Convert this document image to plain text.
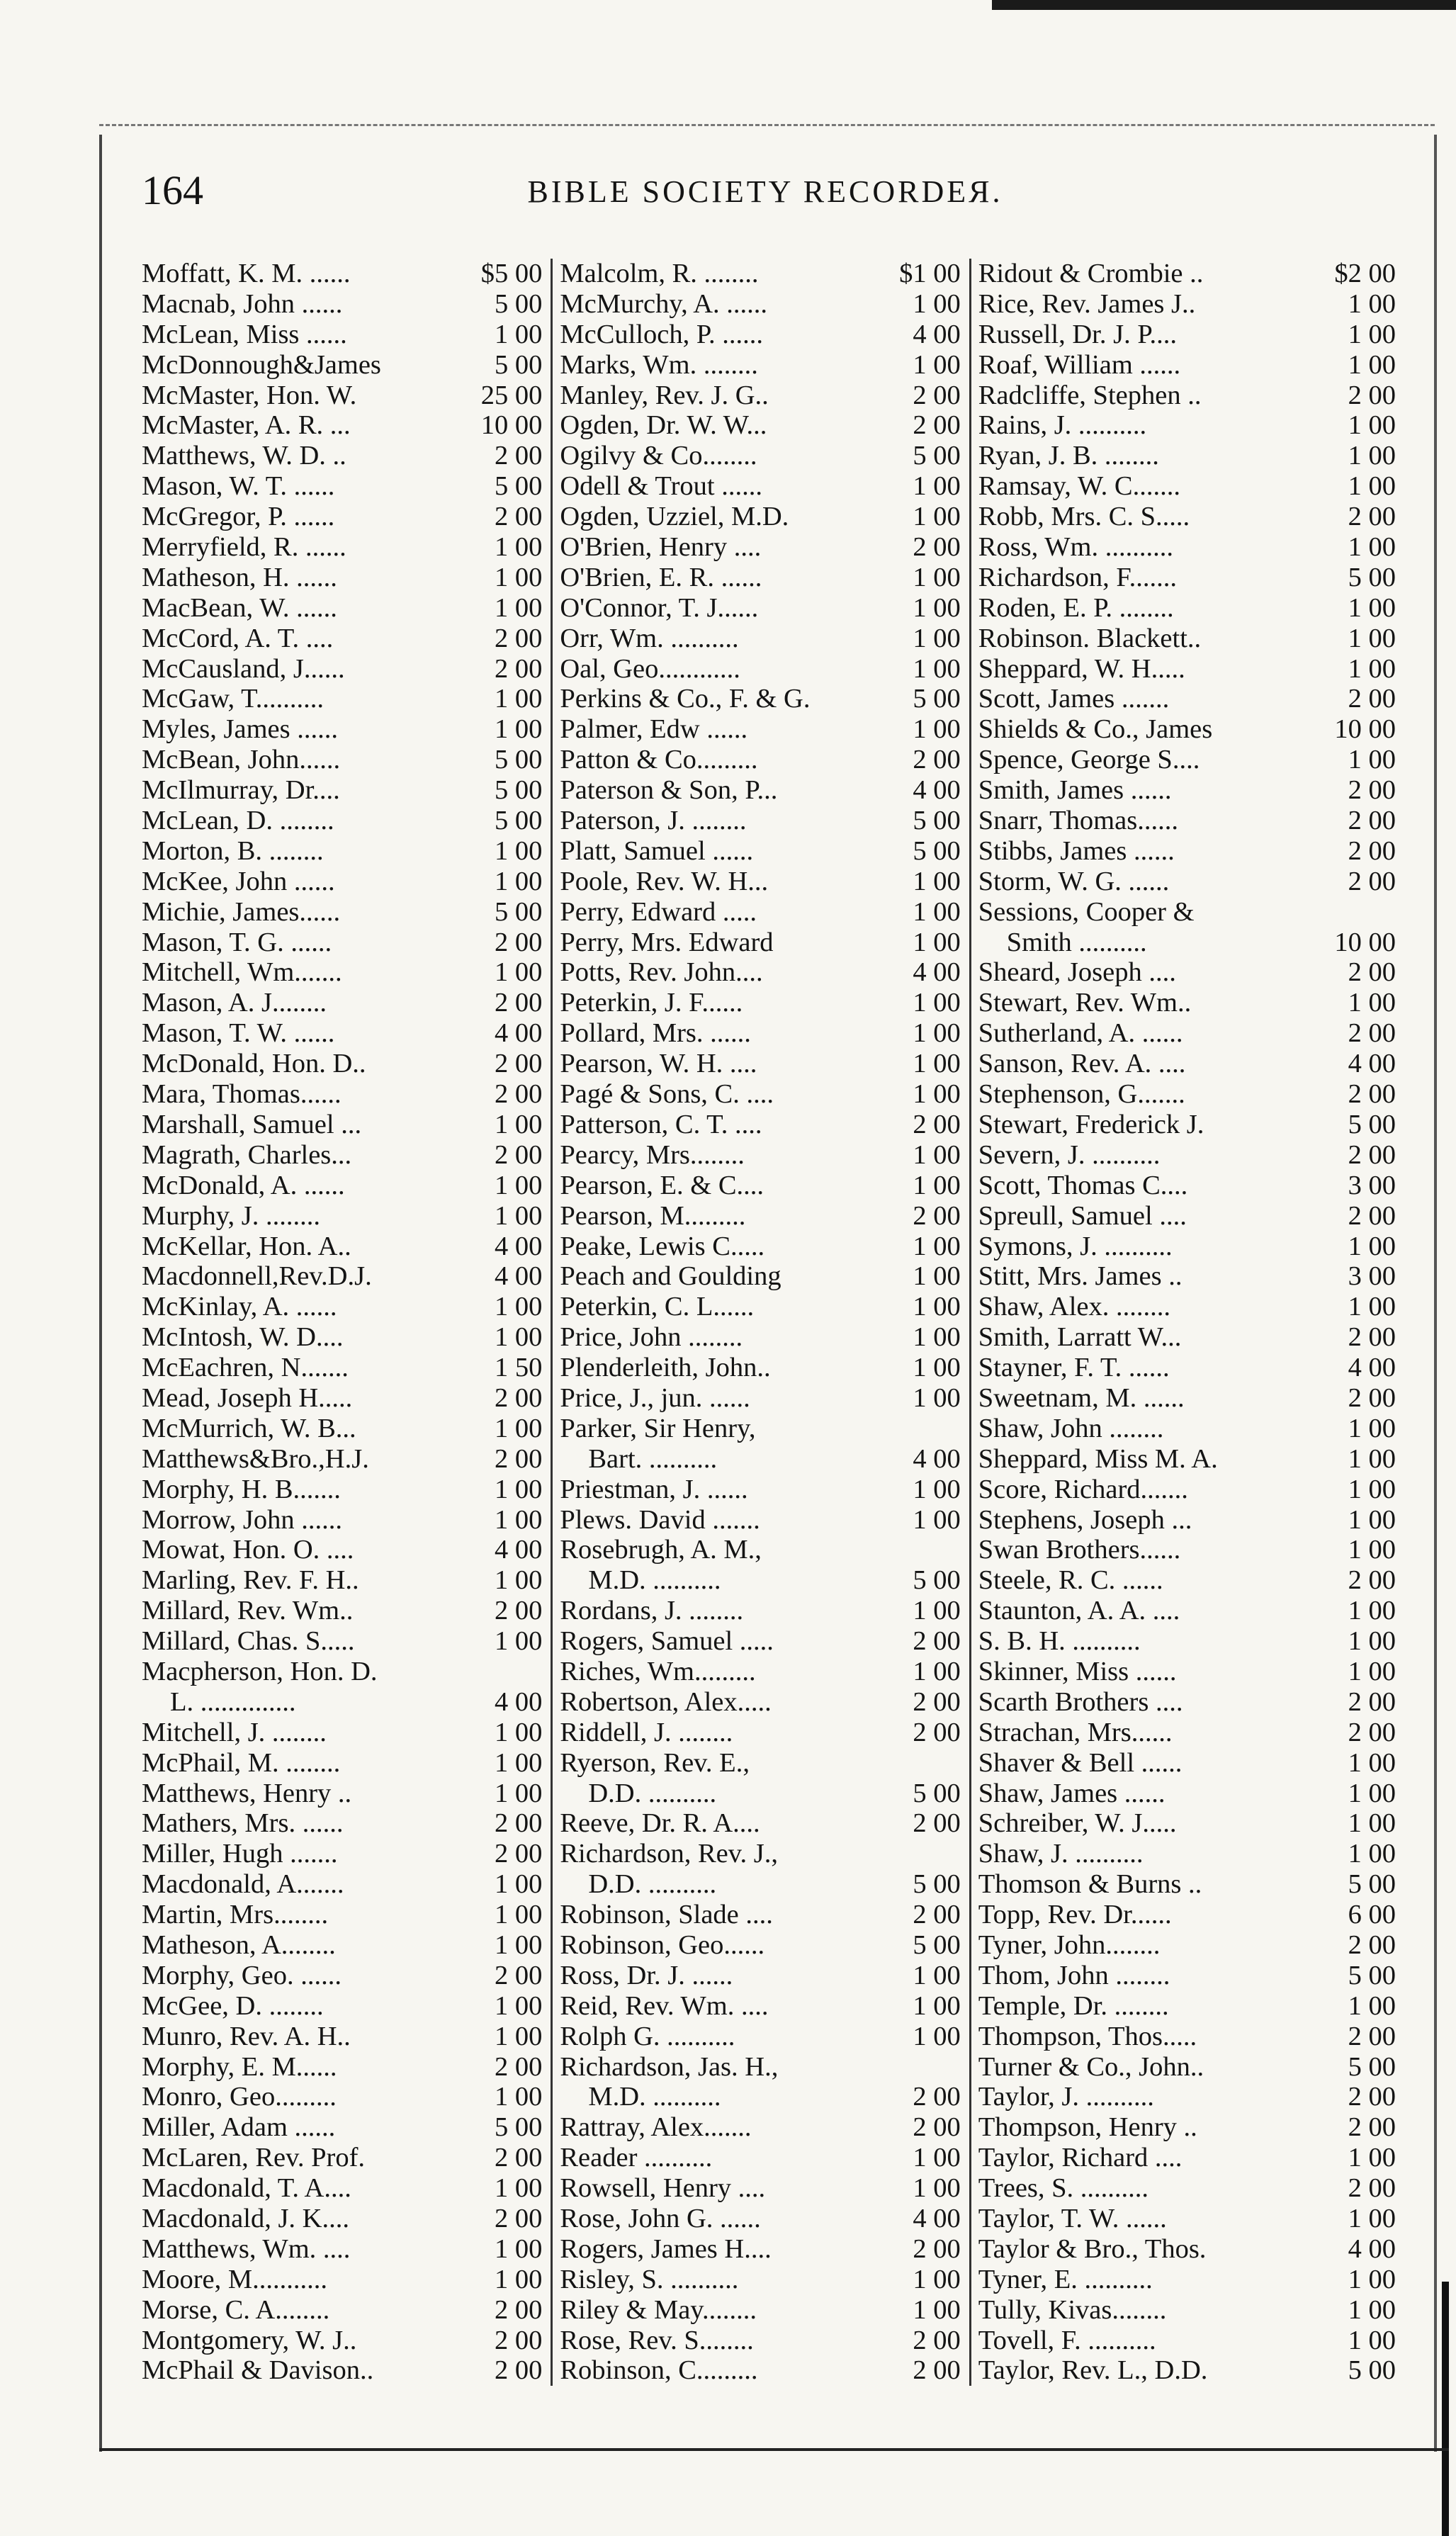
164	BIBLE SOCIETY RECORDEЯ.
Moffatt, K. M. ......	$5 00
Macnab, John ......	5 00
McLean, Miss ......	1 00
McDonnough&James	5 00
McMaster, Hon. W.	25 00
McMaster, A. R. ...	10 00
Matthews, W. D. ..	2 00
Mason, W. T. ......	5 00
McGregor, P. ......	2 00
Merryfield, R. ......	1 00
Matheson, H. ......	1 00
MacBean, W. ......	1 00
McCord, A. T. ....	2 00
McCausland, J......	2 00
McGaw, T..........	1 00
Myles, James ......	1 00
McBean, John......	5 00
McIlmurray, Dr....	5 00
McLean, D. ........	5 00
Morton, B. ........	1 00
McKee, John ......	1 00
Michie, James......	5 00
Mason, T. G. ......	2 00
Mitchell, Wm.......	1 00
Mason, A. J........	2 00
Mason, T. W. ......	4 00
McDonald, Hon. D..	2 00
Mara, Thomas......	2 00
Marshall, Samuel ...	1 00
Magrath, Charles...	2 00
McDonald, A. ......	1 00
Murphy, J. ........	1 00
McKellar, Hon. A..	4 00
Macdonnell,Rev.D.J.	4 00
McKinlay, A. ......	1 00
McIntosh, W. D....	1 00
McEachren, N.......	1 50
Mead, Joseph H.....	2 00
McMurrich, W. B...	1 00
Matthews&Bro.,H.J.	2 00
Morphy, H. B.......	1 00
Morrow, John ......	1 00
Mowat, Hon. O. ....	4 00
Marling, Rev. F. H..	1 00
Millard, Rev. Wm..	2 00
Millard, Chas. S.....	1 00
Macpherson, Hon. D.
L. ..............	4 00
Mitchell, J. ........	1 00
McPhail, M. ........	1 00
Matthews, Henry ..	1 00
Mathers, Mrs. ......	2 00
Miller, Hugh .......	2 00
Macdonald, A.......	1 00
Martin, Mrs........	1 00
Matheson, A........	1 00
Morphy, Geo. ......	2 00
McGee, D. ........	1 00
Munro, Rev. A. H..	1 00
Morphy, E. M......	2 00
Monro, Geo.........	1 00
Miller, Adam ......	5 00
McLaren, Rev. Prof.	2 00
Macdonald, T. A....	1 00
Macdonald, J. K....	2 00
Matthews, Wm. ....	1 00
Moore, M...........	1 00
Morse, C. A........	2 00
Montgomery, W. J..	2 00
McPhail & Davison..	2 00
Malcolm, R. ........	$1 00
McMurchy, A. ......	1 00
McCulloch, P. ......	4 00
Marks, Wm. ........	1 00
Manley, Rev. J. G..	2 00
Ogden, Dr. W. W...	2 00
Ogilvy & Co........	5 00
Odell & Trout ......	1 00
Ogden, Uzziel, M.D.	1 00
O'Brien, Henry ....	2 00
O'Brien, E. R. ......	1 00
O'Connor, T. J......	1 00
Orr, Wm. ..........	1 00
Oal, Geo............	1 00
Perkins & Co., F. & G.	5 00
Palmer, Edw ......	1 00
Patton & Co.........	2 00
Paterson & Son, P...	4 00
Paterson, J. ........	5 00
Platt, Samuel ......	5 00
Poole, Rev. W. H...	1 00
Perry, Edward .....	1 00
Perry, Mrs. Edward	1 00
Potts, Rev. John....	4 00
Peterkin, J. F......	1 00
Pollard, Mrs. ......	1 00
Pearson, W. H. ....	1 00
Pagé & Sons, C. ....	1 00
Patterson, C. T. ....	2 00
Pearcy, Mrs........	1 00
Pearson, E. & C....	1 00
Pearson, M.........	2 00
Peake, Lewis C.....	1 00
Peach and Goulding	1 00
Peterkin, C. L......	1 00
Price, John ........	1 00
Plenderleith, John..	1 00
Price, J., jun. ......	1 00
Parker, Sir Henry,
Bart. ..........	4 00
Priestman, J. ......	1 00
Plews. David .......	1 00
Rosebrugh, A. M.,
M.D. ..........	5 00
Rordans, J. ........	1 00
Rogers, Samuel .....	2 00
Riches, Wm.........	1 00
Robertson, Alex.....	2 00
Riddell, J. ........	2 00
Ryerson, Rev. E.,
D.D. ..........	5 00
Reeve, Dr. R. A....	2 00
Richardson, Rev. J.,
D.D. ..........	5 00
Robinson, Slade ....	2 00
Robinson, Geo......	5 00
Ross, Dr. J. ......	1 00
Reid, Rev. Wm. ....	1 00
Rolph G. ..........	1 00
Richardson, Jas. H.,
M.D. ..........	2 00
Rattray, Alex.......	2 00
Reader ..........	1 00
Rowsell, Henry ....	1 00
Rose, John G. ......	4 00
Rogers, James H....	2 00
Risley, S. ..........	1 00
Riley & May........	1 00
Rose, Rev. S........	2 00
Robinson, C.........	2 00
Ridout & Crombie ..	$2 00
Rice, Rev. James J..	1 00
Russell, Dr. J. P....	1 00
Roaf, William ......	1 00
Radcliffe, Stephen ..	2 00
Rains, J. ..........	1 00
Ryan, J. B. ........	1 00
Ramsay, W. C.......	1 00
Robb, Mrs. C. S.....	2 00
Ross, Wm. ..........	1 00
Richardson, F.......	5 00
Roden, E. P. ........	1 00
Robinson. Blackett..	1 00
Sheppard, W. H.....	1 00
Scott, James .......	2 00
Shields & Co., James	10 00
Spence, George S....	1 00
Smith, James ......	2 00
Snarr, Thomas......	2 00
Stibbs, James ......	2 00
Storm, W. G. ......	2 00
Sessions, Cooper &
Smith ..........	10 00
Sheard, Joseph ....	2 00
Stewart, Rev. Wm..	1 00
Sutherland, A. ......	2 00
Sanson, Rev. A. ....	4 00
Stephenson, G.......	2 00
Stewart, Frederick J.	5 00
Severn, J. ..........	2 00
Scott, Thomas C....	3 00
Spreull, Samuel ....	2 00
Symons, J. ..........	1 00
Stitt, Mrs. James ..	3 00
Shaw, Alex. ........	1 00
Smith, Larratt W...	2 00
Stayner, F. T. ......	4 00
Sweetnam, M. ......	2 00
Shaw, John ........	1 00
Sheppard, Miss M. A.	1 00
Score, Richard.......	1 00
Stephens, Joseph ...	1 00
Swan Brothers......	1 00
Steele, R. C. ......	2 00
Staunton, A. A. ....	1 00
S. B. H. ..........	1 00
Skinner, Miss ......	1 00
Scarth Brothers ....	2 00
Strachan, Mrs......	2 00
Shaver & Bell ......	1 00
Shaw, James ......	1 00
Schreiber, W. J.....	1 00
Shaw, J. ..........	1 00
Thomson & Burns ..	5 00
Topp, Rev. Dr......	6 00
Tyner, John........	2 00
Thom, John ........	5 00
Temple, Dr. ........	1 00
Thompson, Thos.....	2 00
Turner & Co., John..	5 00
Taylor, J. ..........	2 00
Thompson, Henry ..	2 00
Taylor, Richard ....	1 00
Trees, S. ..........	2 00
Taylor, T. W. ......	1 00
Taylor & Bro., Thos.	4 00
Tyner, E. ..........	1 00
Tully, Kivas........	1 00
Tovell, F. ..........	1 00
Taylor, Rev. L., D.D.	5 00
